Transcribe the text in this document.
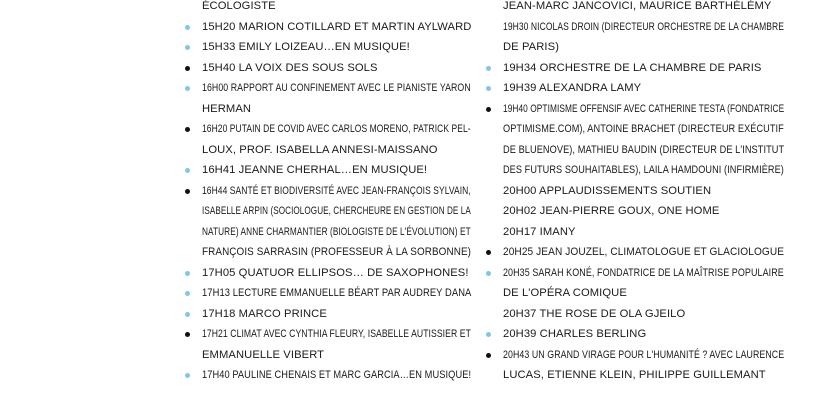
ÉCOLOGISTE
15H20 MARION COTILLARD ET MARTIN AYLWARD
15H33 EMILY LOIZEAU…EN MUSIQUE!
15H40 LA VOIX DES SOUS SOLS
16H00 RAPPORT AU CONFINEMENT AVEC LE PIANISTE YARON
HERMAN
16H20 PUTAIN DE COVID AVEC CARLOS MORENO, PATRICK PEL-
LOUX, PROF. ISABELLA ANNESI-MAISSANO
16H41 JEANNE CHERHAL…EN MUSIQUE!
16H44 SANTÉ ET BIODIVERSITÉ AVEC JEAN-FRANÇOIS SYLVAIN,
ISABELLE ARPIN (SOCIOLOGUE, CHERCHEURE EN GESTION DE LA
NATURE) ANNE CHARMANTIER (BIOLOGISTE DE L'ÉVOLUTION) ET
FRANÇOIS SARRASIN (PROFESSEUR À LA SORBONNE)
17H05 QUATUOR ELLIPSOS… DE SAXOPHONES!
17H13 LECTURE EMMANUELLE BÉART PAR AUDREY DANA
17H18 MARCO PRINCE
17H21 CLIMAT AVEC CYNTHIA FLEURY, ISABELLE AUTISSIER ET
EMMANUELLE VIBERT
17H40 PAULINE CHENAIS ET MARC GARCIA…EN MUSIQUE!
JEAN-MARC JANCOVICI, MAURICE BARTHÉLÉMY
19H30 NICOLAS DROIN (DIRECTEUR ORCHESTRE DE LA CHAMBRE
DE PARIS)
19H34 ORCHESTRE DE LA CHAMBRE DE PARIS
19H39 ALEXANDRA LAMY
19H40 OPTIMISME OFFENSIF AVEC CATHERINE TESTA (FONDATRICE
OPTIMISME.COM), ANTOINE BRACHET (DIRECTEUR EXÉCUTIF
DE BLUENOVE), MATHIEU BAUDIN (DIRECTEUR DE L'INSTITUT
DES FUTURS SOUHAITABLES), LAILA HAMDOUNI (INFIRMIÈRE)
20H00 APPLAUDISSEMENTS SOUTIEN
20H02 JEAN-PIERRE GOUX, ONE HOME
20H17 IMANY
20H25 JEAN JOUZEL, CLIMATOLOGUE ET GLACIOLOGUE
20H35 SARAH KONÉ, FONDATRICE DE LA MAÎTRISE POPULAIRE
DE L'OPÉRA COMIQUE
20H37 THE ROSE DE OLA GJEILO
20H39 CHARLES BERLING
20H43 UN GRAND VIRAGE POUR L'HUMANITÉ ? AVEC LAURENCE
LUCAS, ETIENNE KLEIN, PHILIPPE GUILLEMANT
